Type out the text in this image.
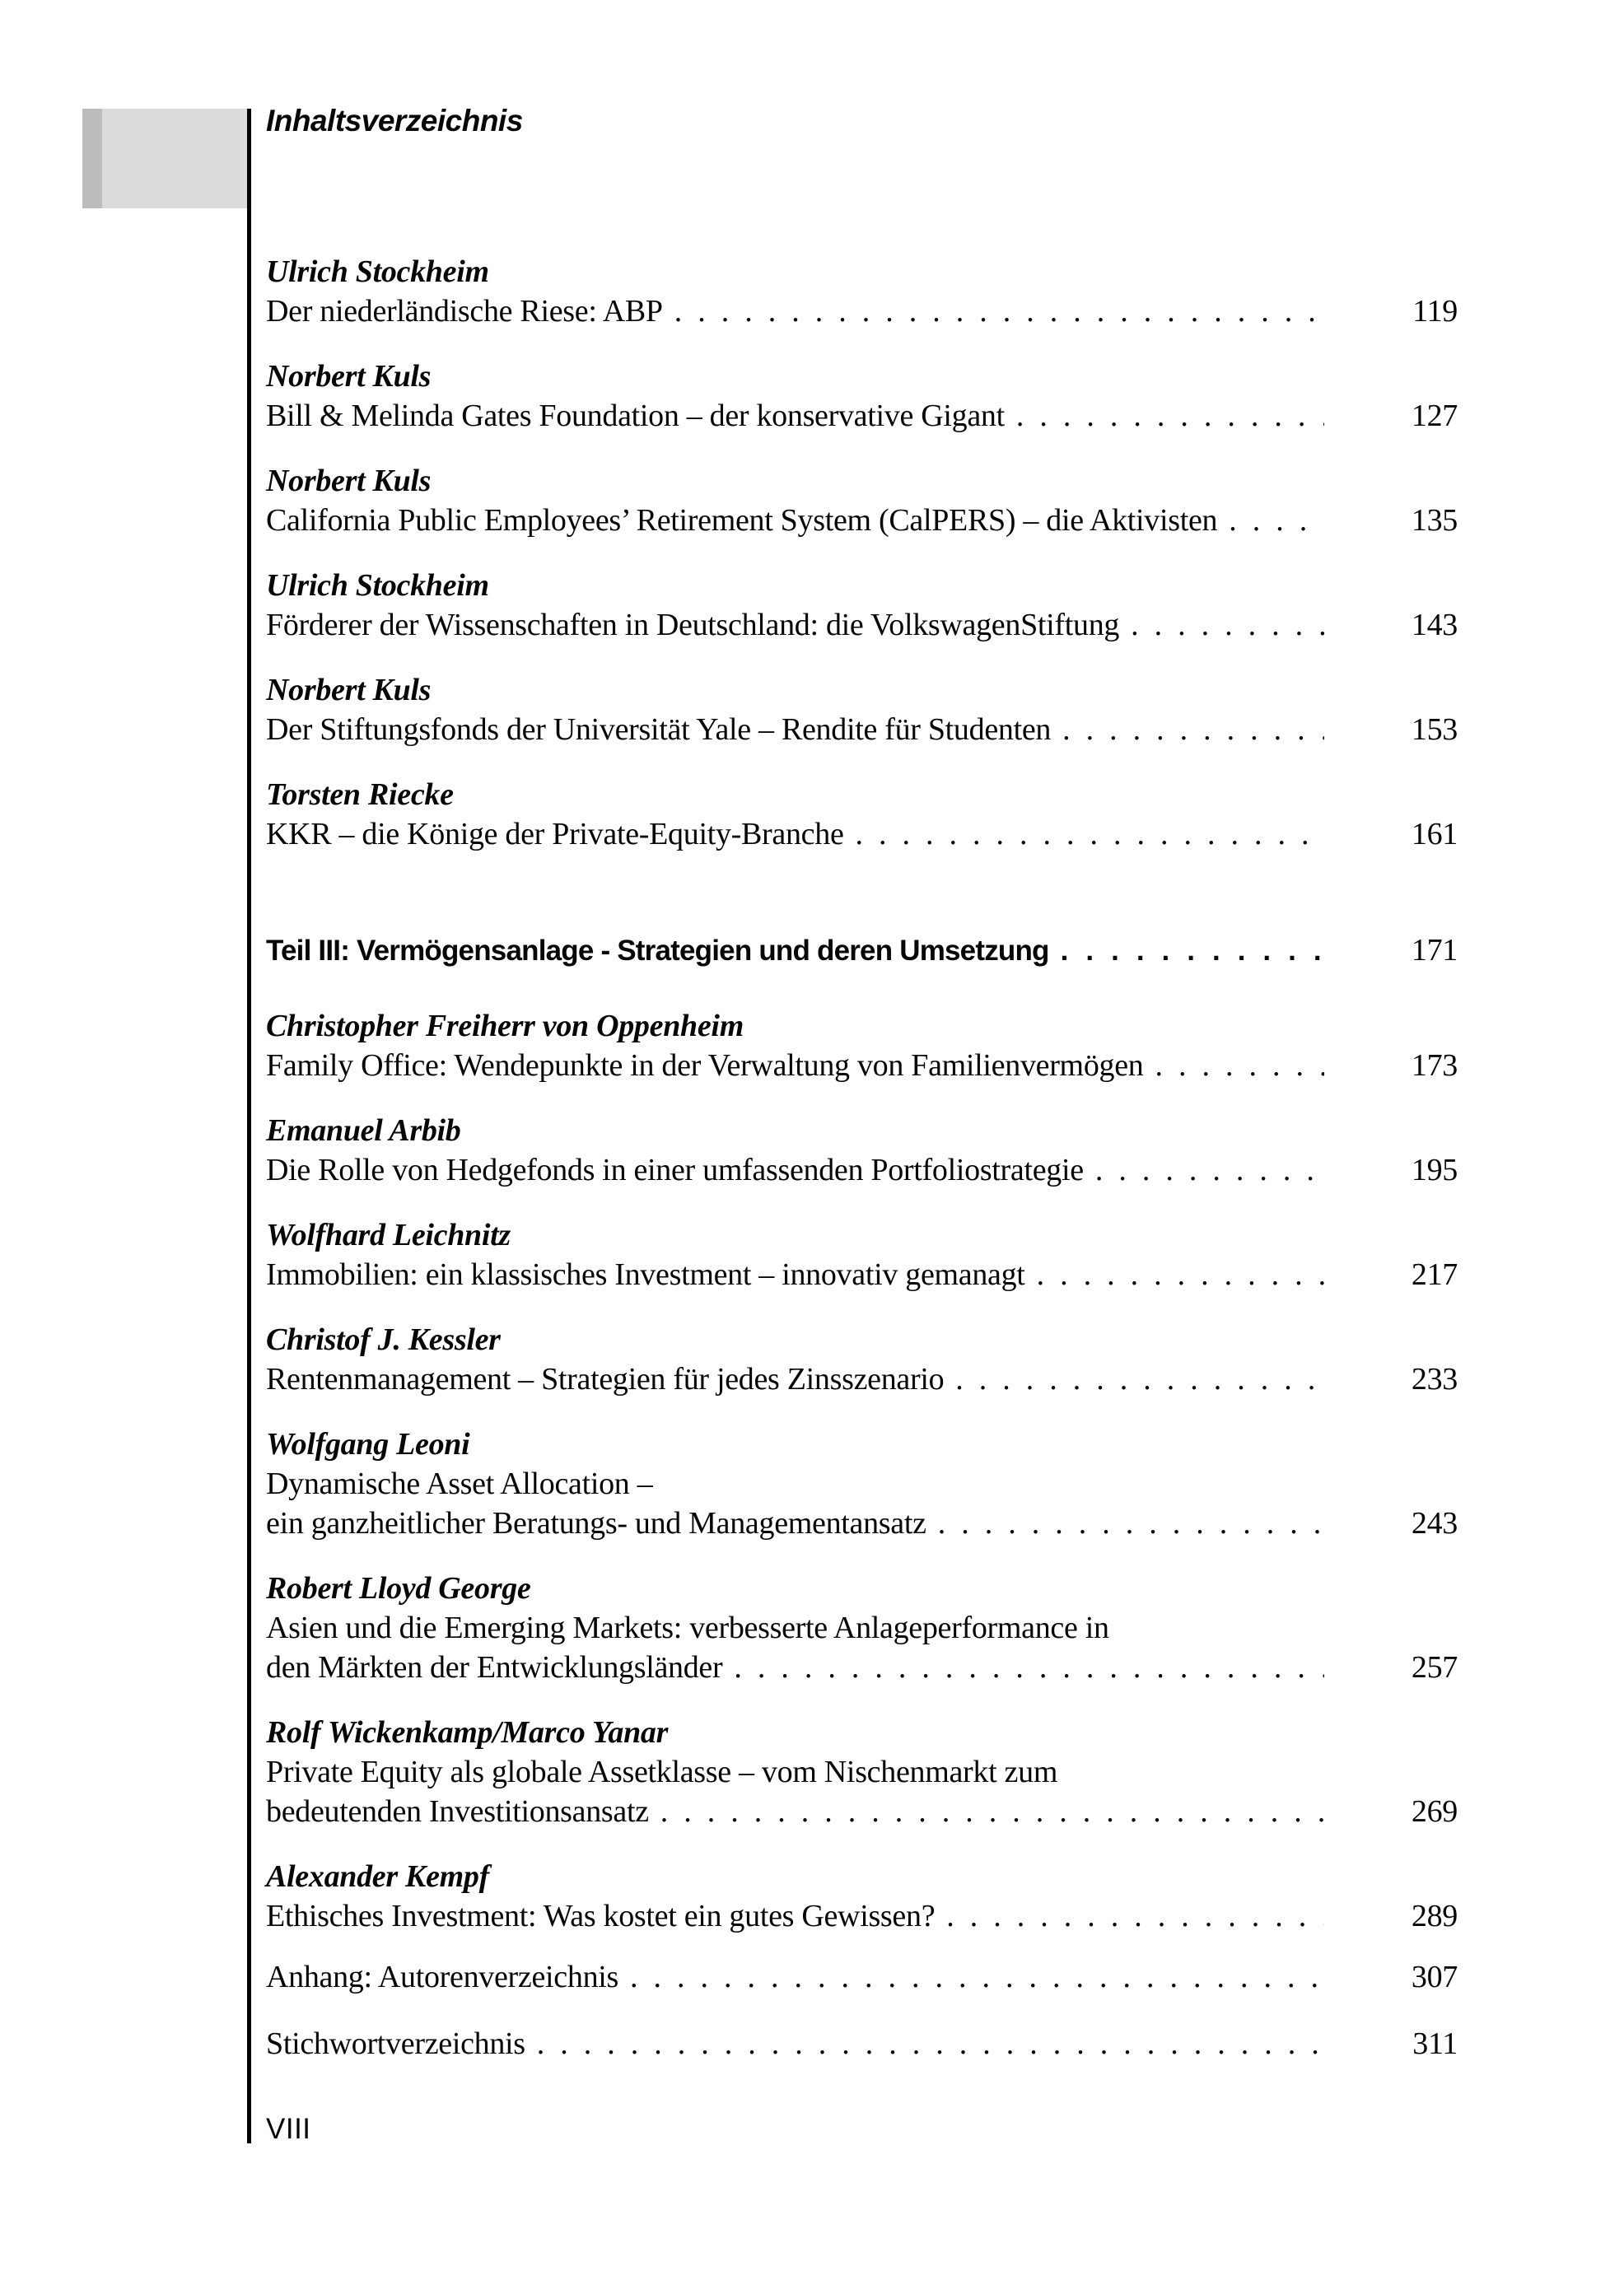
Inhaltsverzeichnis
Ulrich Stockheim
Der niederländische Riese: ABP .....	119
Norbert Kuls
Bill & Melinda Gates Foundation – der konservative Gigant .....	127
Norbert Kuls
California Public Employees’ Retirement System (CalPERS) – die Aktivisten .....	135
Ulrich Stockheim
Förderer der Wissenschaften in Deutschland: die VolkswagenStiftung .....	143
Norbert Kuls
Der Stiftungsfonds der Universität Yale – Rendite für Studenten .....	153
Torsten Riecke
KKR – die Könige der Private-Equity-Branche .....	161
Teil III: Vermögensanlage - Strategien und deren Umsetzung .....	171
Christopher Freiherr von Oppenheim
Family Office: Wendepunkte in der Verwaltung von Familienvermögen .....	173
Emanuel Arbib
Die Rolle von Hedgefonds in einer umfassenden Portfoliostrategie .....	195
Wolfhard Leichnitz
Immobilien: ein klassisches Investment – innovativ gemanagt .....	217
Christof J. Kessler
Rentenmanagement – Strategien für jedes Zinsszenario .....	233
Wolfgang Leoni
Dynamische Asset Allocation –
ein ganzheitlicher Beratungs- und Managementansatz .....	243
Robert Lloyd George
Asien und die Emerging Markets: verbesserte Anlageperformance in
den Märkten der Entwicklungsländer .....	257
Rolf Wickenkamp/Marco Yanar
Private Equity als globale Assetklasse – vom Nischenmarkt zum
bedeutenden Investitionsansatz .....	269
Alexander Kempf
Ethisches Investment: Was kostet ein gutes Gewissen? .....	289
Anhang: Autorenverzeichnis .....	307
Stichwortverzeichnis .....	311
VIII
